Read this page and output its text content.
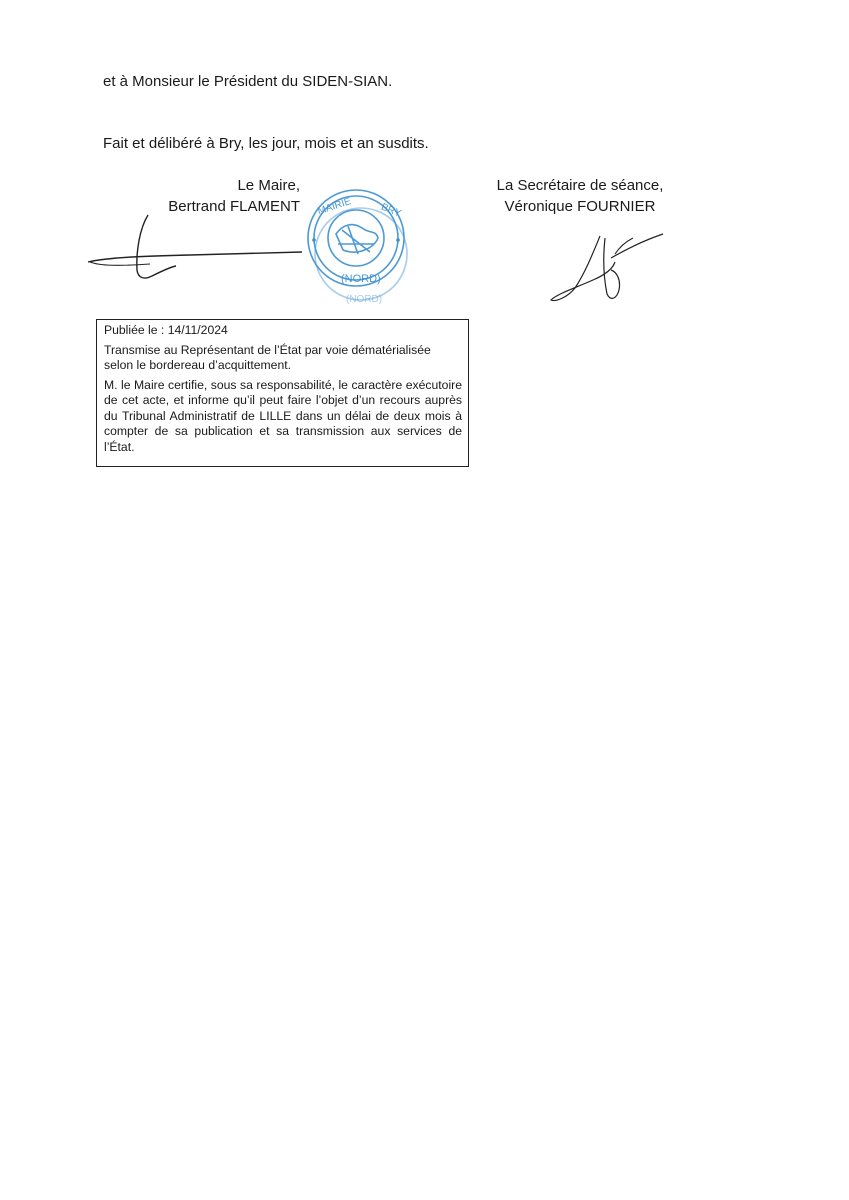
et à Monsieur le Président du SIDEN-SIAN.
Fait et délibéré à Bry, les jour, mois et an susdits.
Le Maire,
Bertrand FLAMENT
La Secrétaire de séance,
Véronique FOURNIER
MAIRIE	BRY
(NORD)
(NORD)

Publiée le : 14/11/2024

Transmise au Représentant de l’État par voie dématérialisée selon le bordereau d’acquittement.

M. le Maire certifie, sous sa responsabilité, le caractère exécutoire de cet acte, et informe qu’il peut faire l’objet d’un recours auprès du Tribunal Administratif de LILLE dans un délai de deux mois à compter de sa publication et sa transmission aux services de l’État.
